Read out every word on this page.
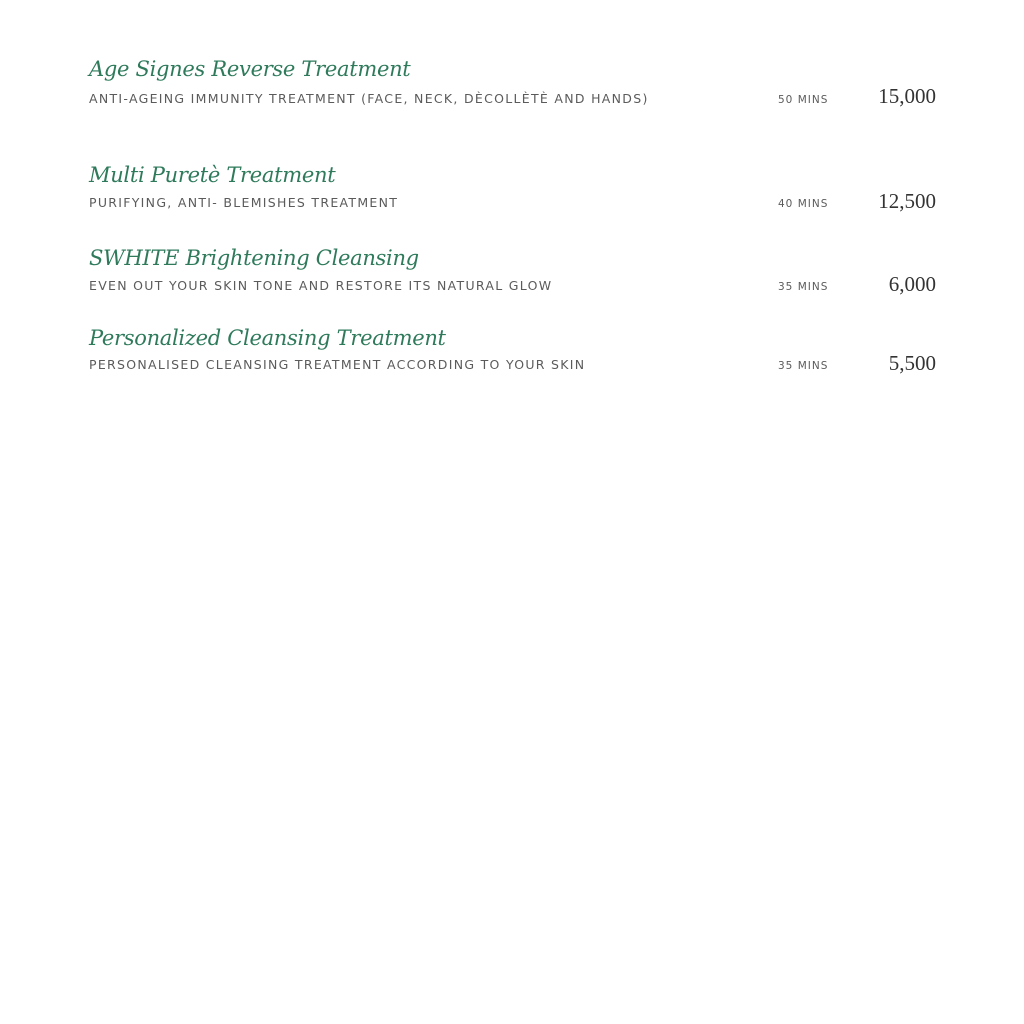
Age Signes Reverse Treatment
ANTI-AGEING IMMUNITY TREATMENT (FACE, NECK, DÈCOLLÈTÈ AND HANDS)	50 MINS 15,000
Multi Puretè Treatment
PURIFYING, ANTI- BLEMISHES TREATMENT	40 MINS 12,500
SWHITE Brightening Cleansing
EVEN OUT YOUR SKIN TONE AND RESTORE ITS NATURAL GLOW	35 MINS	6,000
Personalized Cleansing Treatment
PERSONALISED CLEANSING TREATMENT ACCORDING TO YOUR SKIN	35 MINS	5,500
